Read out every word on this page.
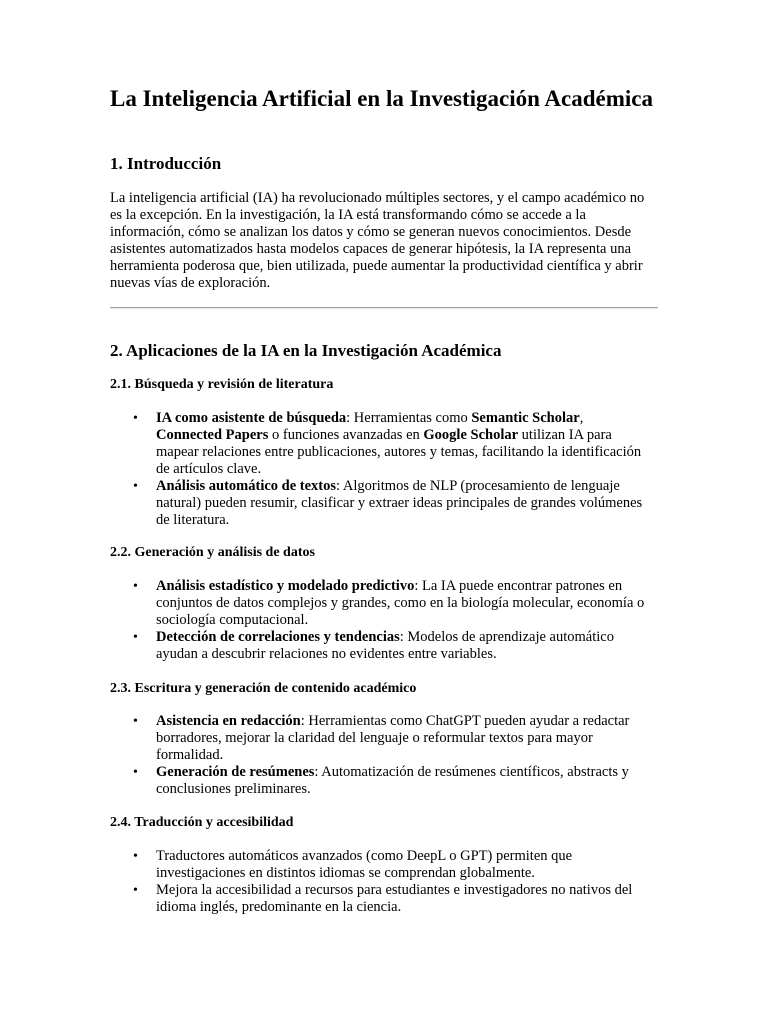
La Inteligencia Artificial en la Investigación Académica
1. Introducción

La inteligencia artificial (IA) ha revolucionado múltiples sectores, y el campo académico no es la excepción. En la investigación, la IA está transformando cómo se accede a la información, cómo se analizan los datos y cómo se generan nuevos conocimientos. Desde asistentes automatizados hasta modelos capaces de generar hipótesis, la IA representa una herramienta poderosa que, bien utilizada, puede aumentar la productividad científica y abrir nuevas vías de exploración.

2. Aplicaciones de la IA en la Investigación Académica
2.1. Búsqueda y revisión de literatura
• IA como asistente de búsqueda: Herramientas como Semantic Scholar,
Connected Papers o funciones avanzadas en Google Scholar utilizan IA para mapear relaciones entre publicaciones, autores y temas, facilitando la identificación de artículos clave.
• Análisis automático de textos: Algoritmos de NLP (procesamiento de lenguaje natural) pueden resumir, clasificar y extraer ideas principales de grandes volúmenes de literatura.
2.2. Generación y análisis de datos
• Análisis estadístico y modelado predictivo: La IA puede encontrar patrones en conjuntos de datos complejos y grandes, como en la biología molecular, economía o sociología computacional.
• Detección de correlaciones y tendencias: Modelos de aprendizaje automático ayudan a descubrir relaciones no evidentes entre variables.
2.3. Escritura y generación de contenido académico
• Asistencia en redacción: Herramientas como ChatGPT pueden ayudar a redactar borradores, mejorar la claridad del lenguaje o reformular textos para mayor formalidad.
• Generación de resúmenes: Automatización de resúmenes científicos, abstracts y conclusiones preliminares.
2.4. Traducción y accesibilidad
• Traductores automáticos avanzados (como DeepL o GPT) permiten que investigaciones en distintos idiomas se comprendan globalmente.
• Mejora la accesibilidad a recursos para estudiantes e investigadores no nativos del idioma inglés, predominante en la ciencia.
